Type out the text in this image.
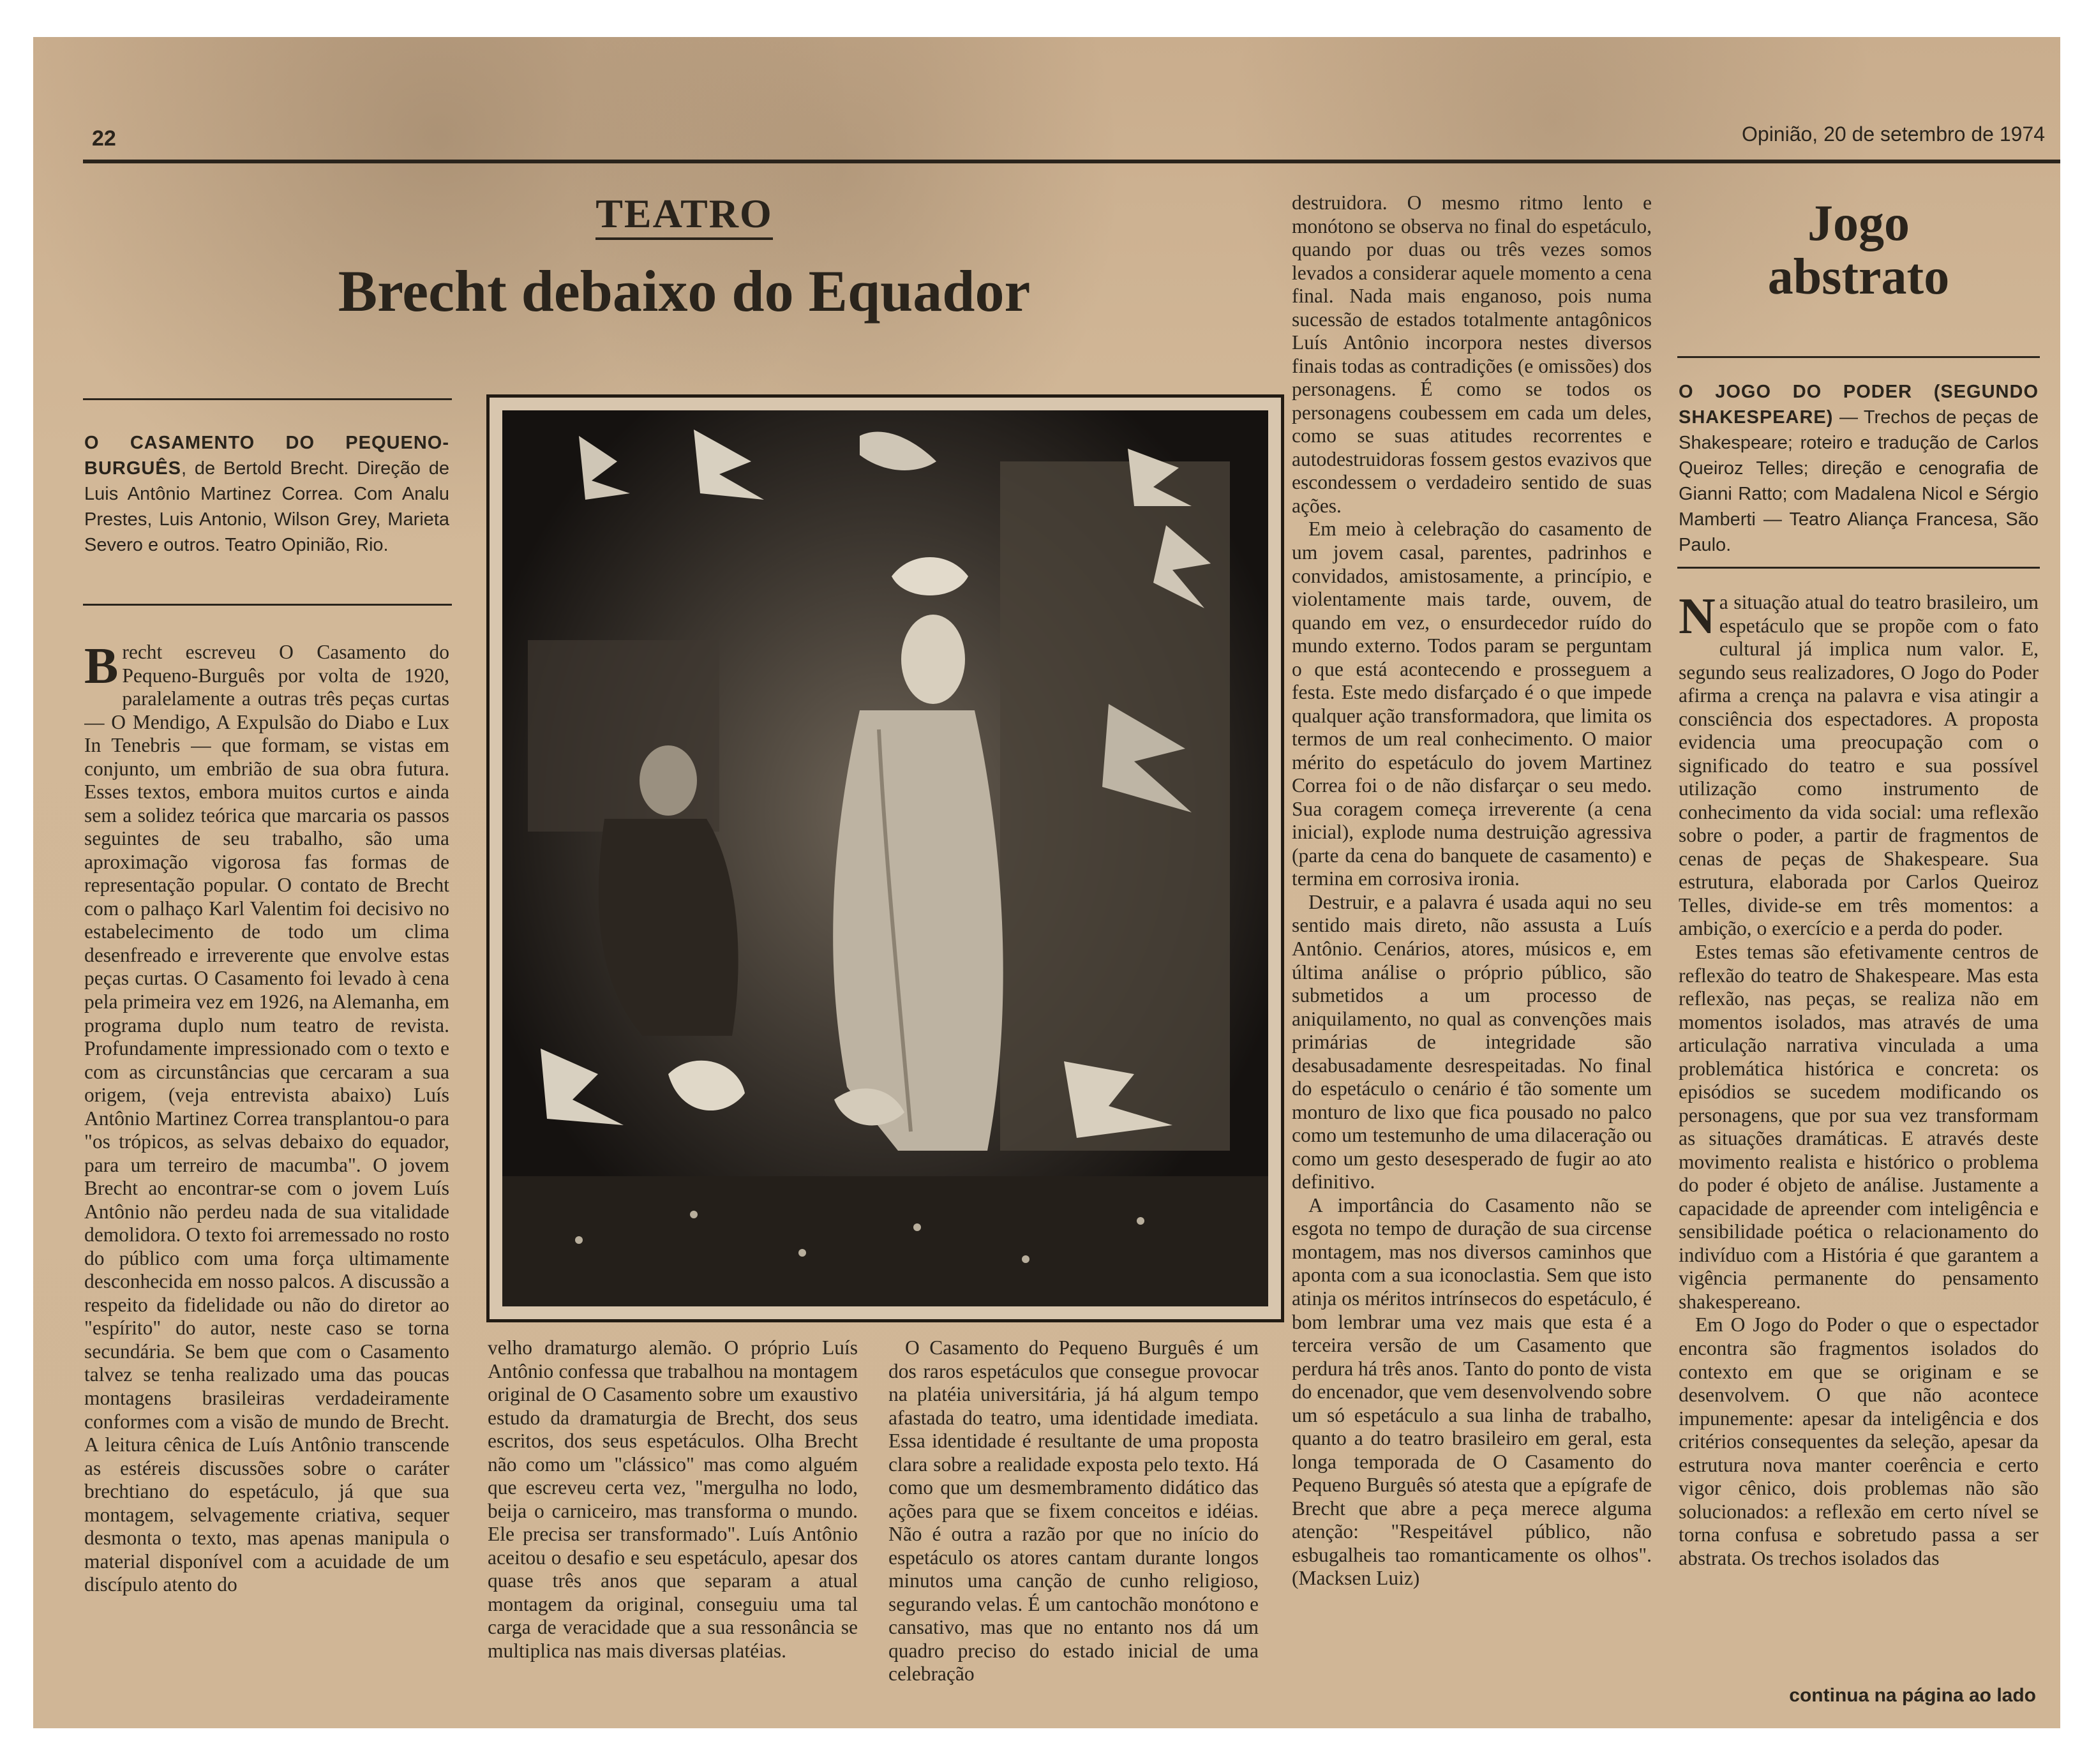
22	Opinião, 20 de setembro de 1974
TEATRO
Brecht debaixo do Equador
O CASAMENTO DO PEQUENO-BURGUÊS, de Bertold Brecht. Direção de Luis Antônio Martinez Correa. Com Analu Prestes, Luis Antonio, Wilson Grey, Marieta Severo e outros. Teatro Opinião, Rio.
B recht escreveu O Casamento do Pequeno-Burguês por volta de 1920, paralelamente a outras três peças curtas — O Mendigo, A Expulsão do Diabo e Lux In Tenebris — que formam, se vistas em conjunto, um embrião de sua obra futura. Esses textos, embora muitos curtos e ainda sem a solidez teórica que marcaria os passos seguintes de seu trabalho, são uma aproximação vigorosa fas formas de representação popular. O contato de Brecht com o palhaço Karl Valentim foi decisivo no estabelecimento de todo um clima desenfreado e irreverente que envolve estas peças curtas. O Casamento foi levado à cena pela primeira vez em 1926, na Alemanha, em programa duplo num teatro de revista. Profundamente impressionado com o texto e com as circunstâncias que cercaram a sua origem, (veja entrevista abaixo) Luís Antônio Martinez Correa transplantou-o para "os trópicos, as selvas debaixo do equador, para um terreiro de macumba". O jovem Brecht ao encontrar-se com o jovem Luís Antônio não perdeu nada de sua vitalidade demolidora. O texto foi arremessado no rosto do público com uma força ultimamente desconhecida em nosso palcos. A discussão a respeito da fidelidade ou não do diretor ao "espírito" do autor, neste caso se torna secundária. Se bem que com o Casamento talvez se tenha realizado uma das poucas montagens brasileiras verdadeiramente conformes com a visão de mundo de Brecht. A leitura cênica de Luís Antônio transcende as estéreis discussões sobre o caráter brechtiano do espetáculo, já que sua montagem, selvagemente criativa, sequer desmonta o texto, mas apenas manipula o material disponível com a acuidade de um discípulo atento do

velho dramaturgo alemão. O próprio Luís Antônio confessa que trabalhou na montagem original de O Casamento sobre um exaustivo estudo da dramaturgia de Brecht, dos seus escritos, dos seus espetáculos. Olha Brecht não como um "clássico" mas como alguém que escreveu certa vez, "mergulha no lodo, beija o carniceiro, mas transforma o mundo. Ele precisa ser transformado". Luís Antônio aceitou o desafio e seu espetáculo, apesar dos quase três anos que separam a atual montagem da original, conseguiu uma tal carga de veracidade que a sua ressonância se multiplica nas mais diversas platéias.

O Casamento do Pequeno Burguês é um dos raros espetáculos que consegue provocar na platéia universitária, já há algum tempo afastada do teatro, uma identidade imediata. Essa identidade é resultante de uma proposta clara sobre a realidade exposta pelo texto. Há como que um desmembramento didático das ações para que se fixem conceitos e idéias. Não é outra a razão por que no início do espetáculo os atores cantam durante longos minutos uma canção de cunho religioso, segurando velas. É um cantochão monótono e cansativo, mas que no entanto nos dá um quadro preciso do estado inicial de uma celebração

destruidora. O mesmo ritmo lento e monótono se observa no final do espetáculo, quando por duas ou três vezes somos levados a considerar aquele momento a cena final. Nada mais enganoso, pois numa sucessão de estados totalmente antagônicos Luís Antônio incorpora nestes diversos finais todas as contradições (e omissões) dos personagens. É como se todos os personagens coubessem em cada um deles, como se suas atitudes recorrentes e autodestruidoras fossem gestos evazivos que escondessem o verdadeiro sentido de suas ações.

Em meio à celebração do casamento de um jovem casal, parentes, padrinhos e convidados, amistosamente, a princípio, e violentamente mais tarde, ouvem, de quando em vez, o ensurdecedor ruído do mundo externo. Todos param se perguntam o que está acontecendo e prosseguem a festa. Este medo disfarçado é o que impede qualquer ação transformadora, que limita os termos de um real conhecimento. O maior mérito do espetáculo do jovem Martinez Correa foi o de não disfarçar o seu medo. Sua coragem começa irreverente (a cena inicial), explode numa destruição agressiva (parte da cena do banquete de casamento) e termina em corrosiva ironia.

Destruir, e a palavra é usada aqui no seu sentido mais direto, não assusta a Luís Antônio. Cenários, atores, músicos e, em última análise o próprio público, são submetidos a um processo de aniquilamento, no qual as convenções mais primárias de integridade são desabusadamente desrespeitadas. No final do espetáculo o cenário é tão somente um monturo de lixo que fica pousado no palco como um testemunho de uma dilaceração ou como um gesto desesperado de fugir ao ato definitivo.

A importância do Casamento não se esgota no tempo de duração de sua circense montagem, mas nos diversos caminhos que aponta com a sua iconoclastia. Sem que isto atinja os méritos intrínsecos do espetáculo, é bom lembrar uma vez mais que esta é a terceira versão de um Casamento que perdura há três anos. Tanto do ponto de vista do encenador, que vem desenvolvendo sobre um só espetáculo a sua linha de trabalho, quanto a do teatro brasileiro em geral, esta longa temporada de O Casamento do Pequeno Burguês só atesta que a epígrafe de Brecht que abre a peça merece alguma atenção: "Respeitável público, não esbugalheis tao romanticamente os olhos". (Macksen Luiz)

Jogo
abstrato
O JOGO DO PODER (SEGUNDO SHAKESPEARE) — Trechos de peças de Shakespeare; roteiro e tradução de Carlos Queiroz Telles; direção e cenografia de Gianni Ratto; com Madalena Nicol e Sérgio Mamberti — Teatro Aliança Francesa, São Paulo.
N a situação atual do teatro brasileiro, um espetáculo que se propõe com o fato cultural já implica num valor. E, segundo seus realizadores, O Jogo do Poder afirma a crença na palavra e visa atingir a consciência dos espectadores. A proposta evidencia uma preocupação com o significado do teatro e sua possível utilização como instrumento de conhecimento da vida social: uma reflexão sobre o poder, a partir de fragmentos de cenas de peças de Shakespeare. Sua estrutura, elaborada por Carlos Queiroz Telles, divide-se em três momentos: a ambição, o exercício e a perda do poder.

Estes temas são efetivamente centros de reflexão do teatro de Shakespeare. Mas esta reflexão, nas peças, se realiza não em momentos isolados, mas através de uma articulação narrativa vinculada a uma problemática histórica e concreta: os episódios se sucedem modificando os personagens, que por sua vez transformam as situações dramáticas. E através deste movimento realista e histórico o problema do poder é objeto de análise. Justamente a capacidade de apreender com inteligência e sensibilidade poética o relacionamento do indivíduo com a História é que garantem a vigência permanente do pensamento shakespereano.

Em O Jogo do Poder o que o espectador encontra são fragmentos isolados do contexto em que se originam e se desenvolvem. O que não acontece impunemente: apesar da inteligência e dos critérios consequentes da seleção, apesar da estrutura nova manter coerência e certo vigor cênico, dois problemas não são solucionados: a reflexão em certo nível se torna confusa e sobretudo passa a ser abstrata. Os trechos isolados das

continua na página ao lado
